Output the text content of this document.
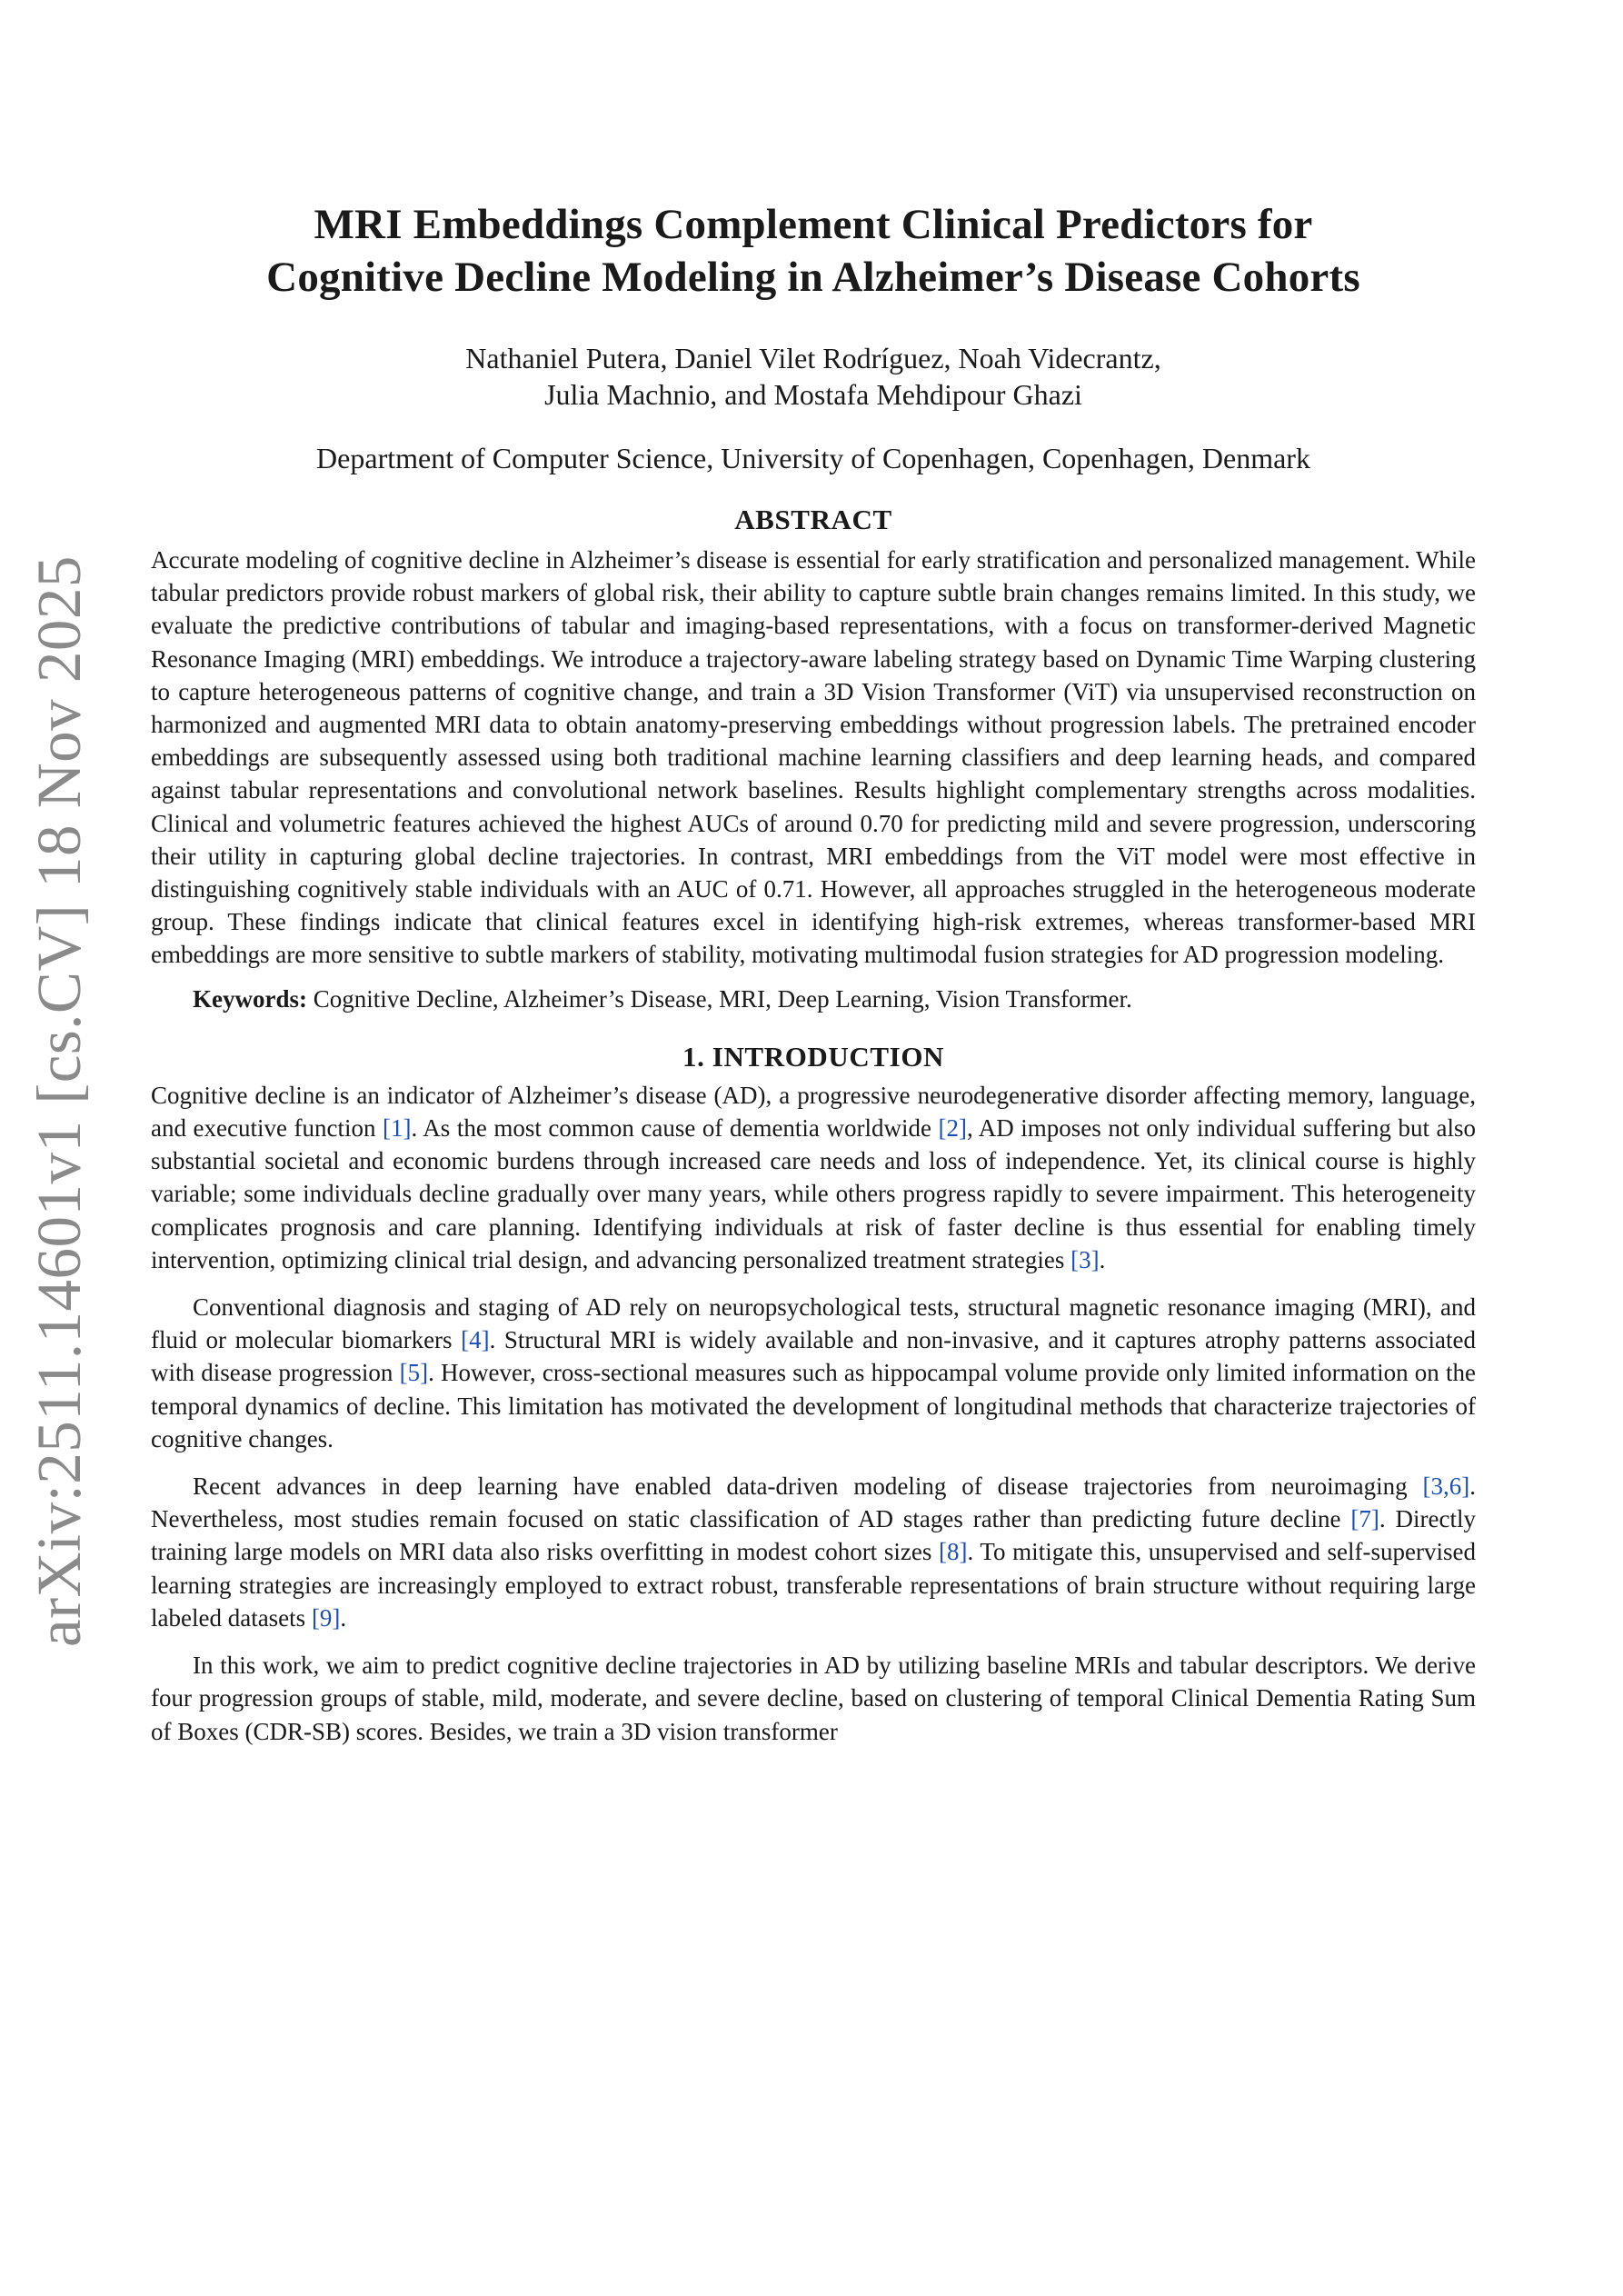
arXiv:2511.14601v1 [cs.CV] 18 Nov 2025
MRI Embeddings Complement Clinical Predictors for
Cognitive Decline Modeling in Alzheimer’s Disease Cohorts
Nathaniel Putera, Daniel Vilet Rodríguez, Noah Videcrantz,
Julia Machnio, and Mostafa Mehdipour Ghazi
Department of Computer Science, University of Copenhagen, Copenhagen, Denmark
ABSTRACT

Accurate modeling of cognitive decline in Alzheimer’s disease is essential for early stratification and personalized management. While tabular predictors provide robust markers of global risk, their ability to capture subtle brain changes remains limited. In this study, we evaluate the predictive contributions of tabular and imaging-based representations, with a focus on transformer-derived Magnetic Resonance Imaging (MRI) embeddings. We introduce a trajectory-aware labeling strategy based on Dynamic Time Warping clustering to capture heterogeneous patterns of cognitive change, and train a 3D Vision Transformer (ViT) via unsupervised reconstruction on harmonized and augmented MRI data to obtain anatomy-preserving embeddings without progression labels. The pretrained encoder embeddings are subsequently assessed using both traditional machine learning classifiers and deep learning heads, and compared against tabular representations and convolutional network baselines. Results highlight complementary strengths across modalities. Clinical and volumetric features achieved the highest AUCs of around 0.70 for predicting mild and severe progression, underscoring their utility in capturing global decline trajectories. In contrast, MRI embeddings from the ViT model were most effective in distinguishing cognitively stable individuals with an AUC of 0.71. However, all approaches struggled in the heterogeneous moderate group. These findings indicate that clinical features excel in identifying high-risk extremes, whereas transformer-based MRI embeddings are more sensitive to subtle markers of stability, motivating multimodal fusion strategies for AD progression modeling.

Keywords: Cognitive Decline, Alzheimer’s Disease, MRI, Deep Learning, Vision Transformer.

1. INTRODUCTION

Cognitive decline is an indicator of Alzheimer’s disease (AD), a progressive neurodegenerative disorder affecting memory, language, and executive function [1]. As the most common cause of dementia worldwide [2], AD imposes not only individual suffering but also substantial societal and economic burdens through increased care needs and loss of independence. Yet, its clinical course is highly variable; some individuals decline gradually over many years, while others progress rapidly to severe impairment. This heterogeneity complicates prognosis and care planning. Identifying individuals at risk of faster decline is thus essential for enabling timely intervention, optimizing clinical trial design, and advancing personalized treatment strategies [3].

Conventional diagnosis and staging of AD rely on neuropsychological tests, structural magnetic resonance imaging (MRI), and fluid or molecular biomarkers [4]. Structural MRI is widely available and non-invasive, and it captures atrophy patterns associated with disease progression [5]. However, cross-sectional measures such as hippocampal volume provide only limited information on the temporal dynamics of decline. This limitation has motivated the development of longitudinal methods that characterize trajectories of cognitive changes.

Recent advances in deep learning have enabled data-driven modeling of disease trajectories from neuroimaging [3,6]. Nevertheless, most studies remain focused on static classification of AD stages rather than predicting future decline [7]. Directly training large models on MRI data also risks overfitting in modest cohort sizes [8]. To mitigate this, unsupervised and self-supervised learning strategies are increasingly employed to extract robust, transferable representations of brain structure without requiring large labeled datasets [9].

In this work, we aim to predict cognitive decline trajectories in AD by utilizing baseline MRIs and tabular descriptors. We derive four progression groups of stable, mild, moderate, and severe decline, based on clustering of temporal Clinical Dementia Rating Sum of Boxes (CDR-SB) scores. Besides, we train a 3D vision transformer
